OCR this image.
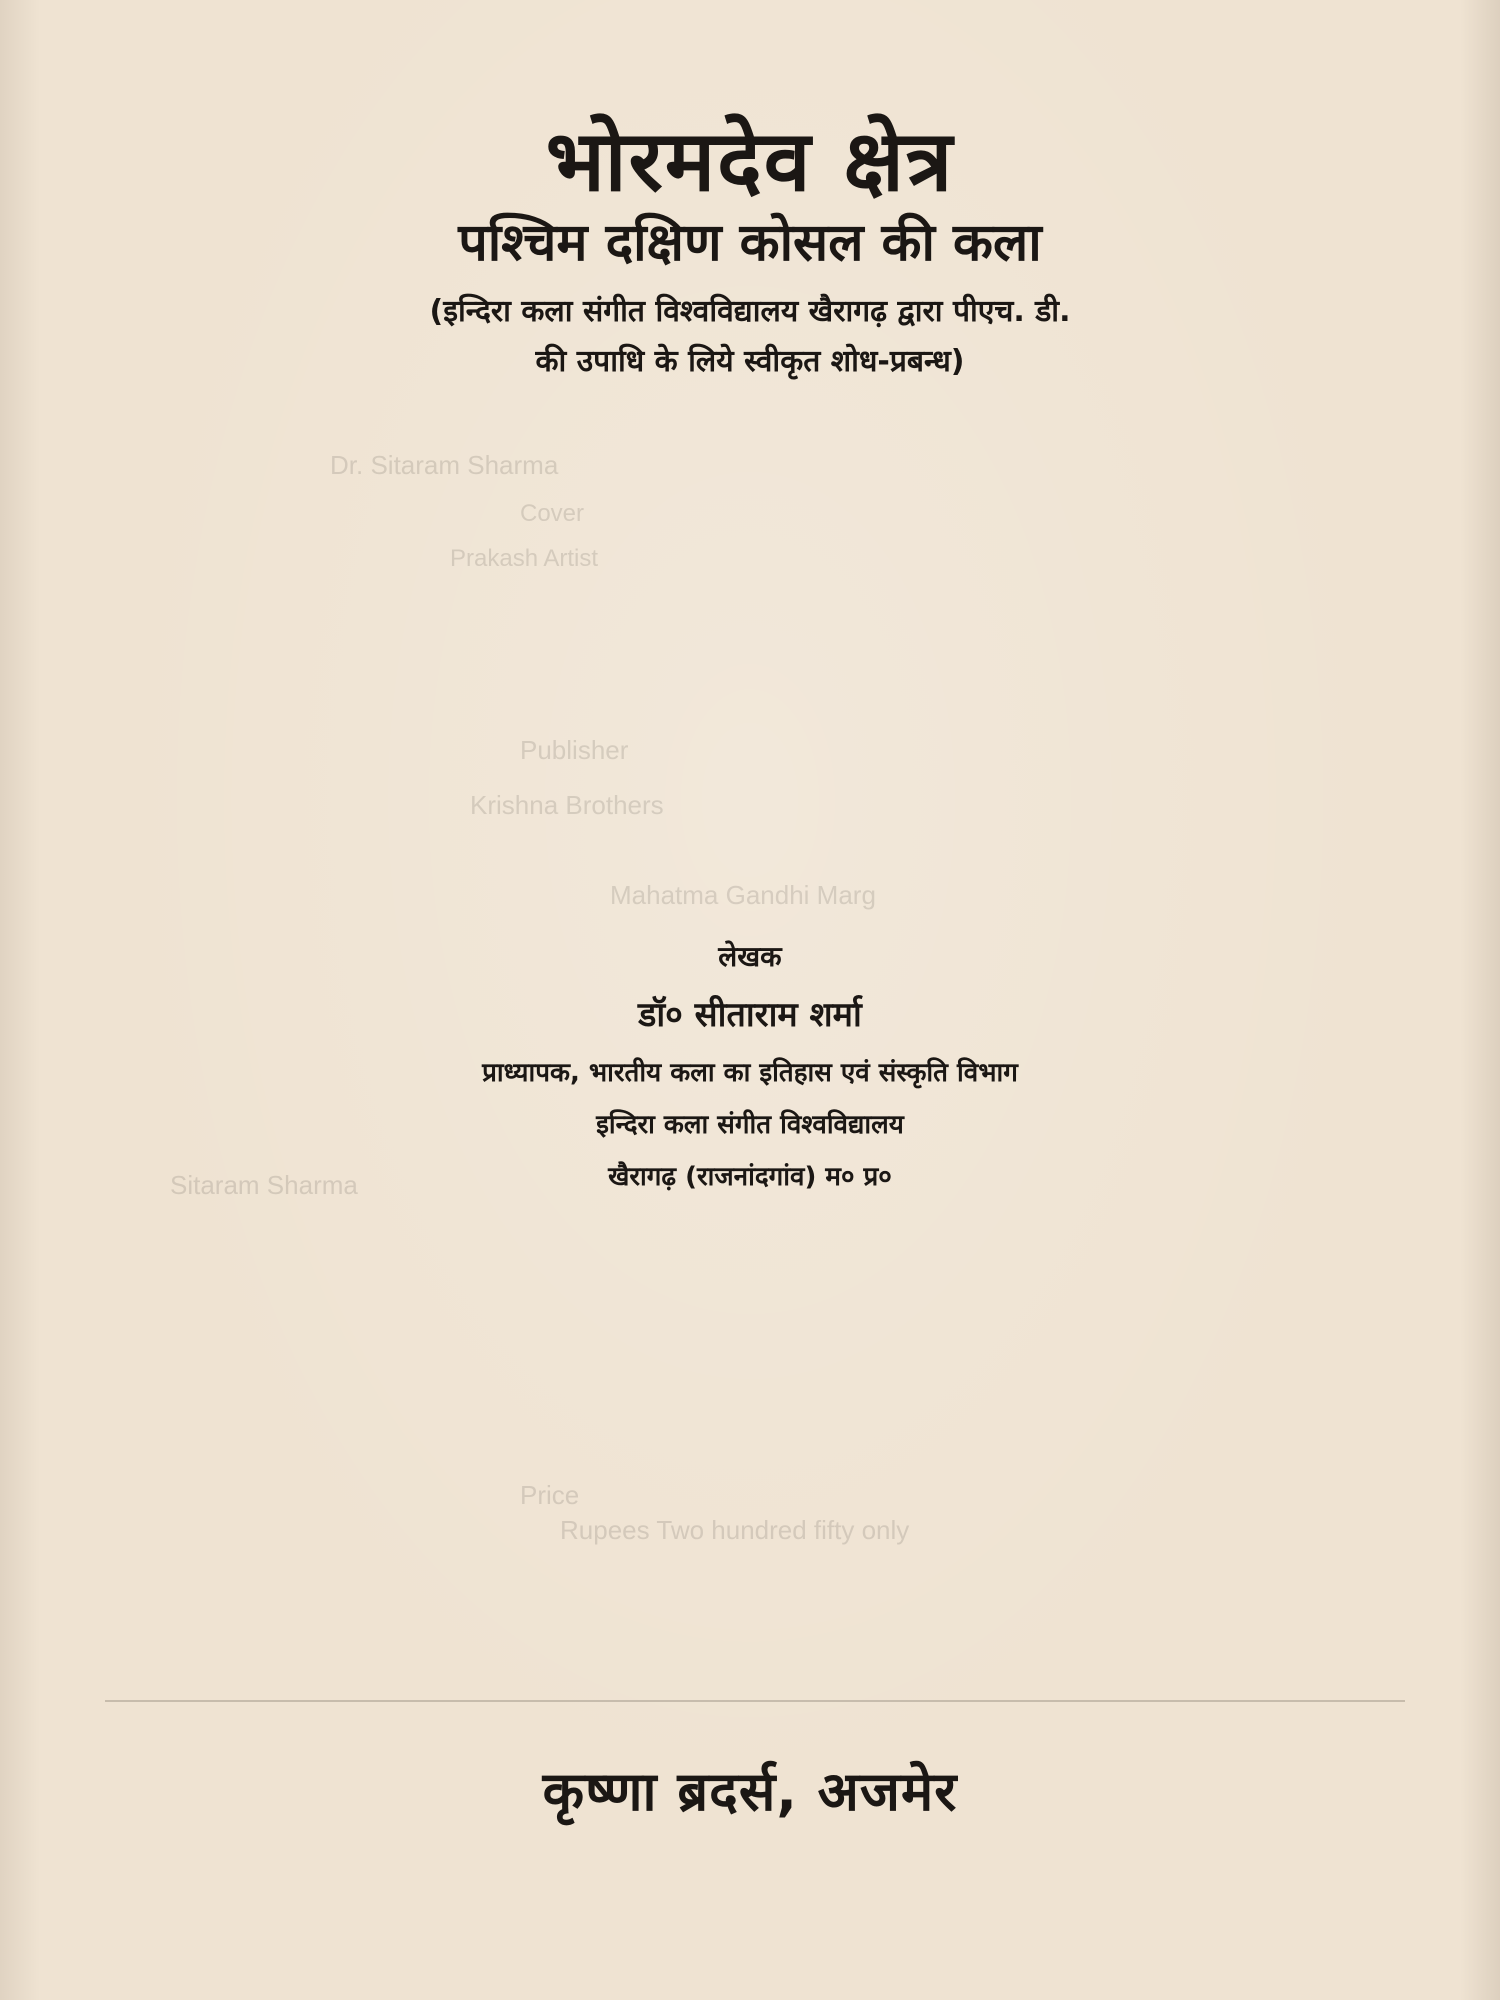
Dr. Sitaram Sharma
Cover
Prakash Artist
Publisher
Krishna Brothers
Mahatma Gandhi Marg
Sitaram Sharma
Price
Rupees Two hundred fifty only
भोरमदेव क्षेत्र
पश्चिम दक्षिण कोसल की कला
(इन्दिरा कला संगीत विश्वविद्यालय खैरागढ़ द्वारा पीएच. डी.
की उपाधि के लिये स्वीकृत शोध-प्रबन्ध)
लेखक
डॉ० सीताराम शर्मा
प्राध्यापक, भारतीय कला का इतिहास एवं संस्कृति विभाग
इन्दिरा कला संगीत विश्वविद्यालय
खैरागढ़ (राजनांदगांव) म० प्र०
कृष्णा ब्रदर्स, अजमेर
